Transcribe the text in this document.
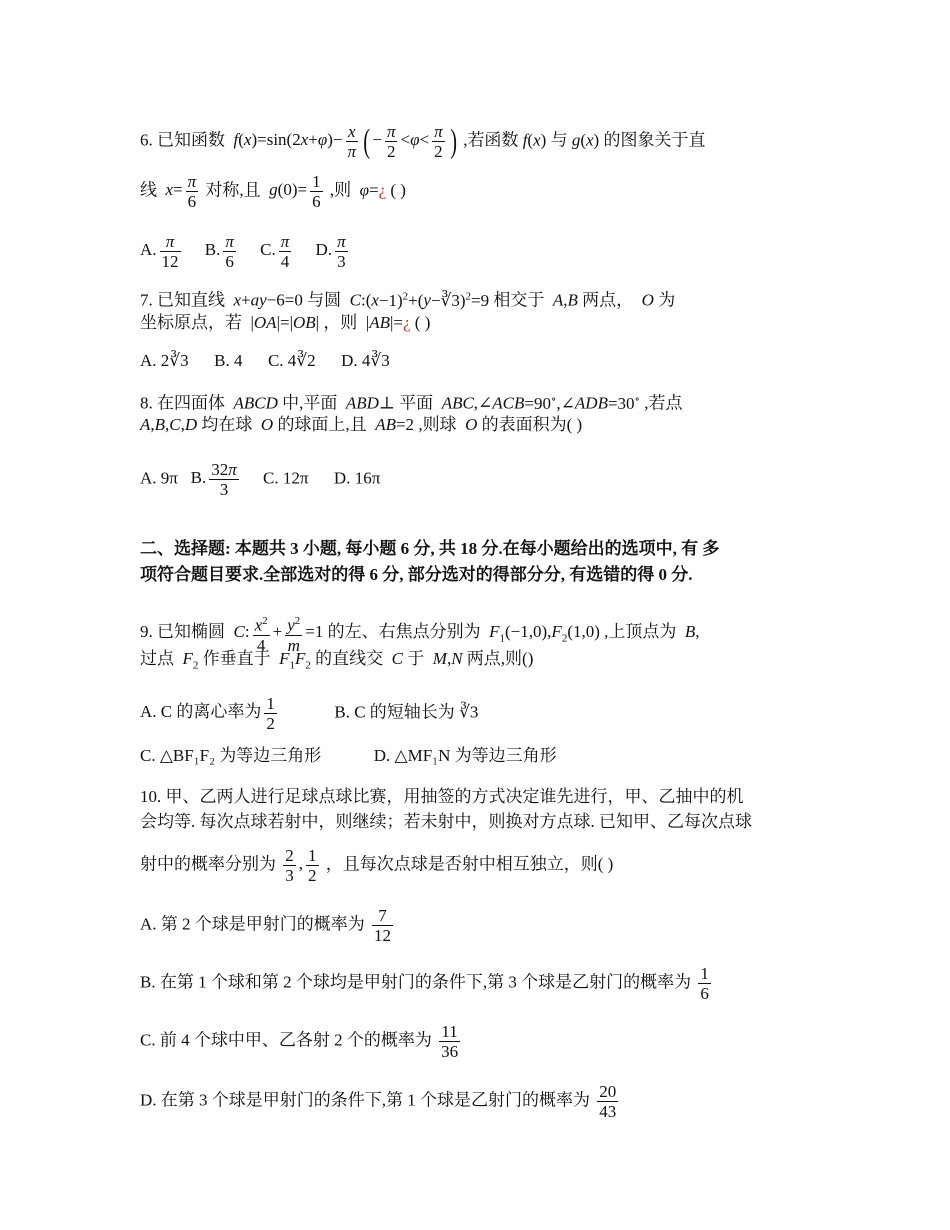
6. 已知函数  $f(x)=\sin(2x+\varphi)- \frac{x}{\pi}$ ( − $\frac{\pi}{2} <\varphi< \frac{\pi}{2}$ ) ,若函数 f(x) 与 g(x) 的图象关于直
线  $x= \frac{\pi}{6}$ 对称,且  $g(0)= \frac{1}{6}$ ,则  φ=¿ ( )
A. $\frac{\pi}{12} B$. $\frac{\pi}{6} C$. $\frac{\pi}{4} D$. $\frac{\pi}{3}$
7. 已知直线  x+ay−6=0 与圆  $C:(x-1)^2+(y-∛3)^2=9$ 相交于  A,B 两点，  O 为
坐标原点，若 |OA|=|OB| ，则 |AB|=¿ ( )
A. 2∛3 B. 4 C. 4∛2 D. 4∛3
8. 在四面体  ABCD 中,平面  ABD⊥ 平面  ABC,∠ACB=90∘,∠ADB=30∘ ,若点
A,B,C,D 均在球  O 的球面上,且  AB=2 ,则球  O 的表面积为( )
A. 9π B. $\frac{32\pi}{3} C$. 12π D. 16π
二、选择题: 本题共 3 小题, 每小题 6 分, 共 18 分.在每小题给出的选项中, 有 多
项符合题目要求.全部选对的得 6 分, 部分选对的得部分分, 有选错的得 0 分.
9. 已知椭圆  C: $\frac{x^2}{4} + \frac{y^2}{m} =1$ 的左、右焦点分别为  $F_1(-1,0),F_2(1,0)$ ,上顶点为  B,
过点  $F_2$ 作垂直于  $F_1F_2$ 的直线交  C 于  M,N 两点,则()
A. C 的离心率为 $\frac{1}{2}$	B. C 的短轴长为 ∛3
C. △BF₁F₂ 为等边三角形	D. △MF₁N 为等边三角形
10. 甲、乙两人进行足球点球比赛，用抽签的方式决定谁先进行，甲、乙抽中的机
会均等. 每次点球若射中，则继续；若未射中，则换对方点球. 已知甲、乙每次点球
射中的概率分别为 $\frac{2}{3}$ , $\frac{1}{2}$ ，且每次点球是否射中相互独立，则( )
A. 第 2 个球是甲射门的概率为 $\frac{7}{12}$
B. 在第 1 个球和第 2 个球均是甲射门的条件下,第 3 个球是乙射门的概率为 $\frac{1}{6}$
C. 前 4 个球中甲、乙各射 2 个的概率为 $\frac{11}{36}$
D. 在第 3 个球是甲射门的条件下,第 1 个球是乙射门的概率为 $\frac{20}{43}$
